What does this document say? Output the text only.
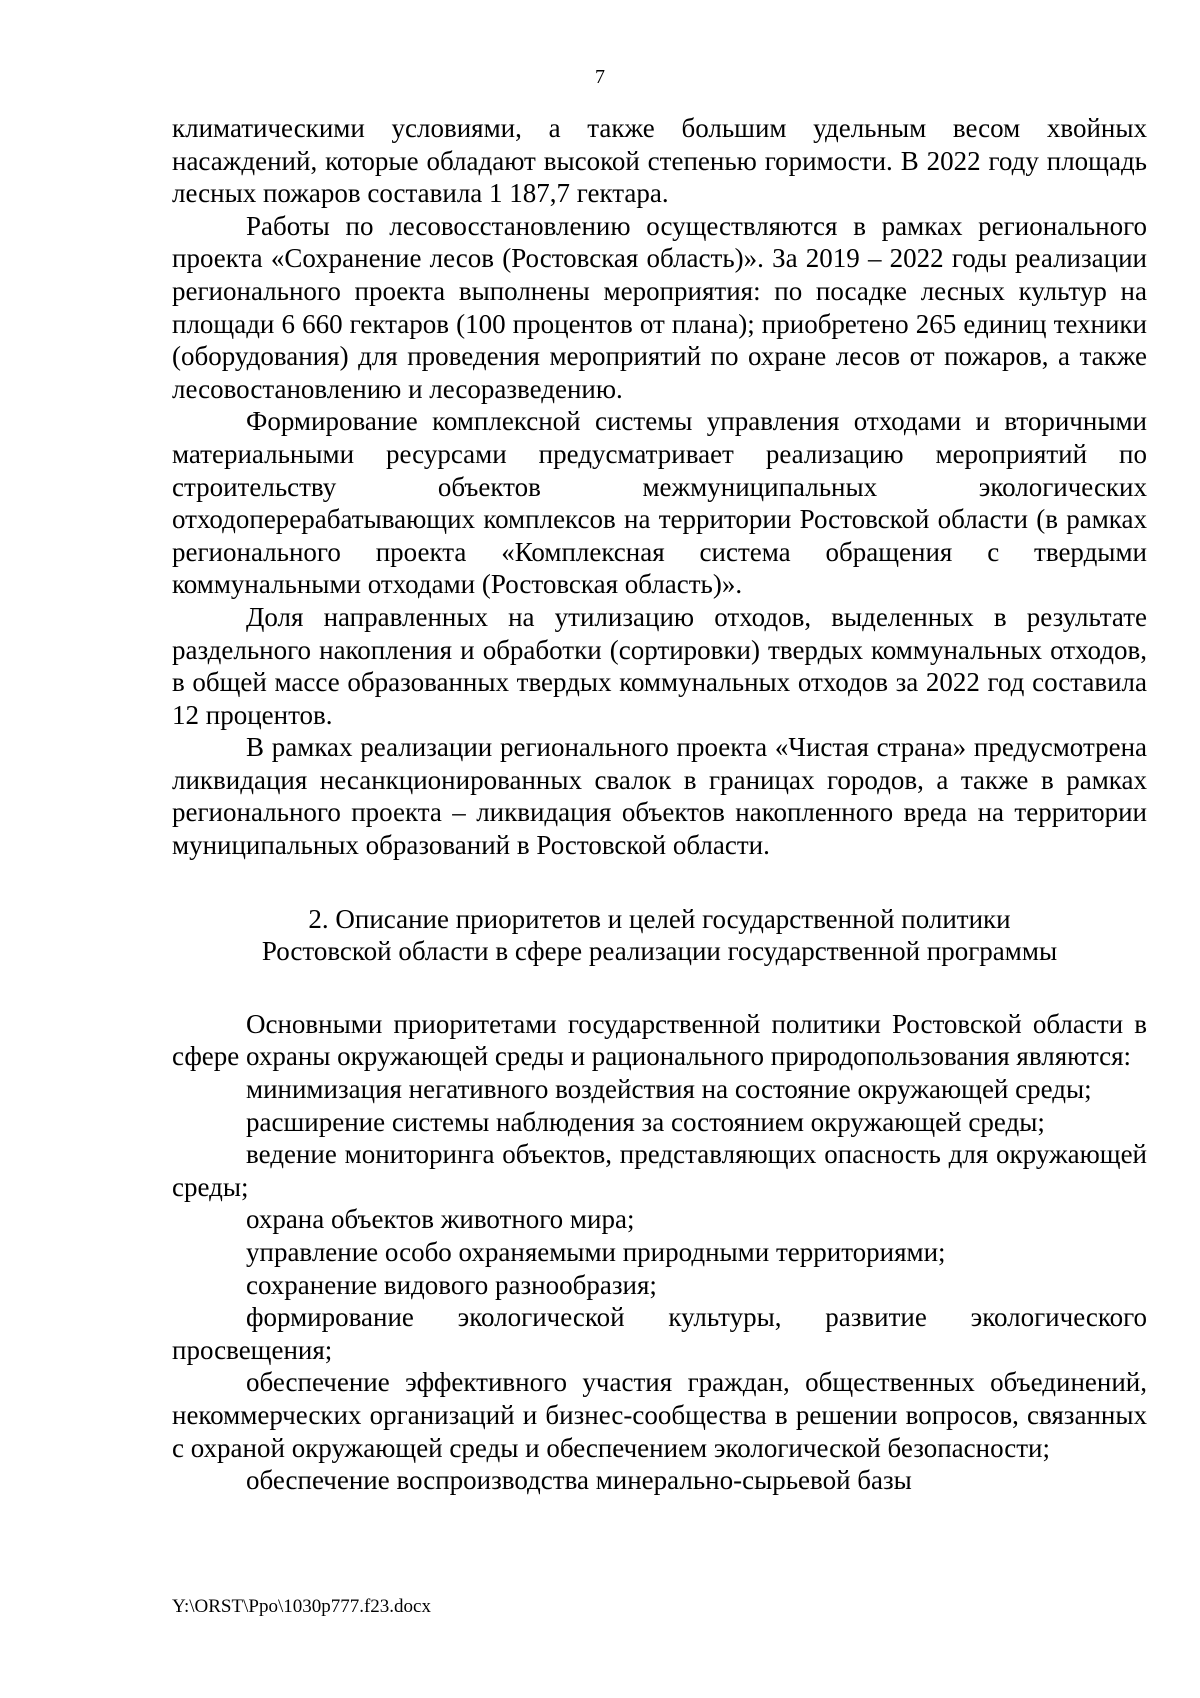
7

климатическими условиями, а также большим удельным весом хвойных насаждений, которые обладают высокой степенью горимости. В 2022 году площадь лесных пожаров составила 1 187,7 гектара.

Работы по лесовосстановлению осуществляются в рамках регионального проекта «Сохранение лесов (Ростовская область)». За 2019 – 2022 годы реализации регионального проекта выполнены мероприятия: по посадке лесных культур на площади 6 660 гектаров (100 процентов от плана); приобретено 265 единиц техники (оборудования) для проведения мероприятий по охране лесов от пожаров, а также лесовостановлению и лесоразведению.

Формирование комплексной системы управления отходами и вторичными материальными ресурсами предусматривает реализацию мероприятий по строительству объектов межмуниципальных экологических отходоперерабатывающих комплексов на территории Ростовской области (в рамках регионального проекта «Комплексная система обращения с твердыми коммунальными отходами (Ростовская область)».

Доля направленных на утилизацию отходов, выделенных в результате раздельного накопления и обработки (сортировки) твердых коммунальных отходов, в общей массе образованных твердых коммунальных отходов за 2022 год составила 12 процентов.

В рамках реализации регионального проекта «Чистая страна» предусмотрена ликвидация несанкционированных свалок в границах городов, а также в рамках регионального проекта – ликвидация объектов накопленного вреда на территории муниципальных образований в Ростовской области.

2. Описание приоритетов и целей государственной политики
Ростовской области в сфере реализации государственной программы

Основными приоритетами государственной политики Ростовской области в сфере охраны окружающей среды и рационального природопользования являются:

минимизация негативного воздействия на состояние окружающей среды;

расширение системы наблюдения за состоянием окружающей среды;

ведение мониторинга объектов, представляющих опасность для окружающей среды;

охрана объектов животного мира;

управление особо охраняемыми природными территориями;

сохранение видового разнообразия;

формирование экологической культуры, развитие экологического просвещения;

обеспечение эффективного участия граждан, общественных объединений, некоммерческих организаций и бизнес-сообщества в решении вопросов, связанных с охраной окружающей среды и обеспечением экологической безопасности;

обеспечение воспроизводства минерально-сырьевой базы

Y:\ORST\Ppo\1030p777.f23.docx
